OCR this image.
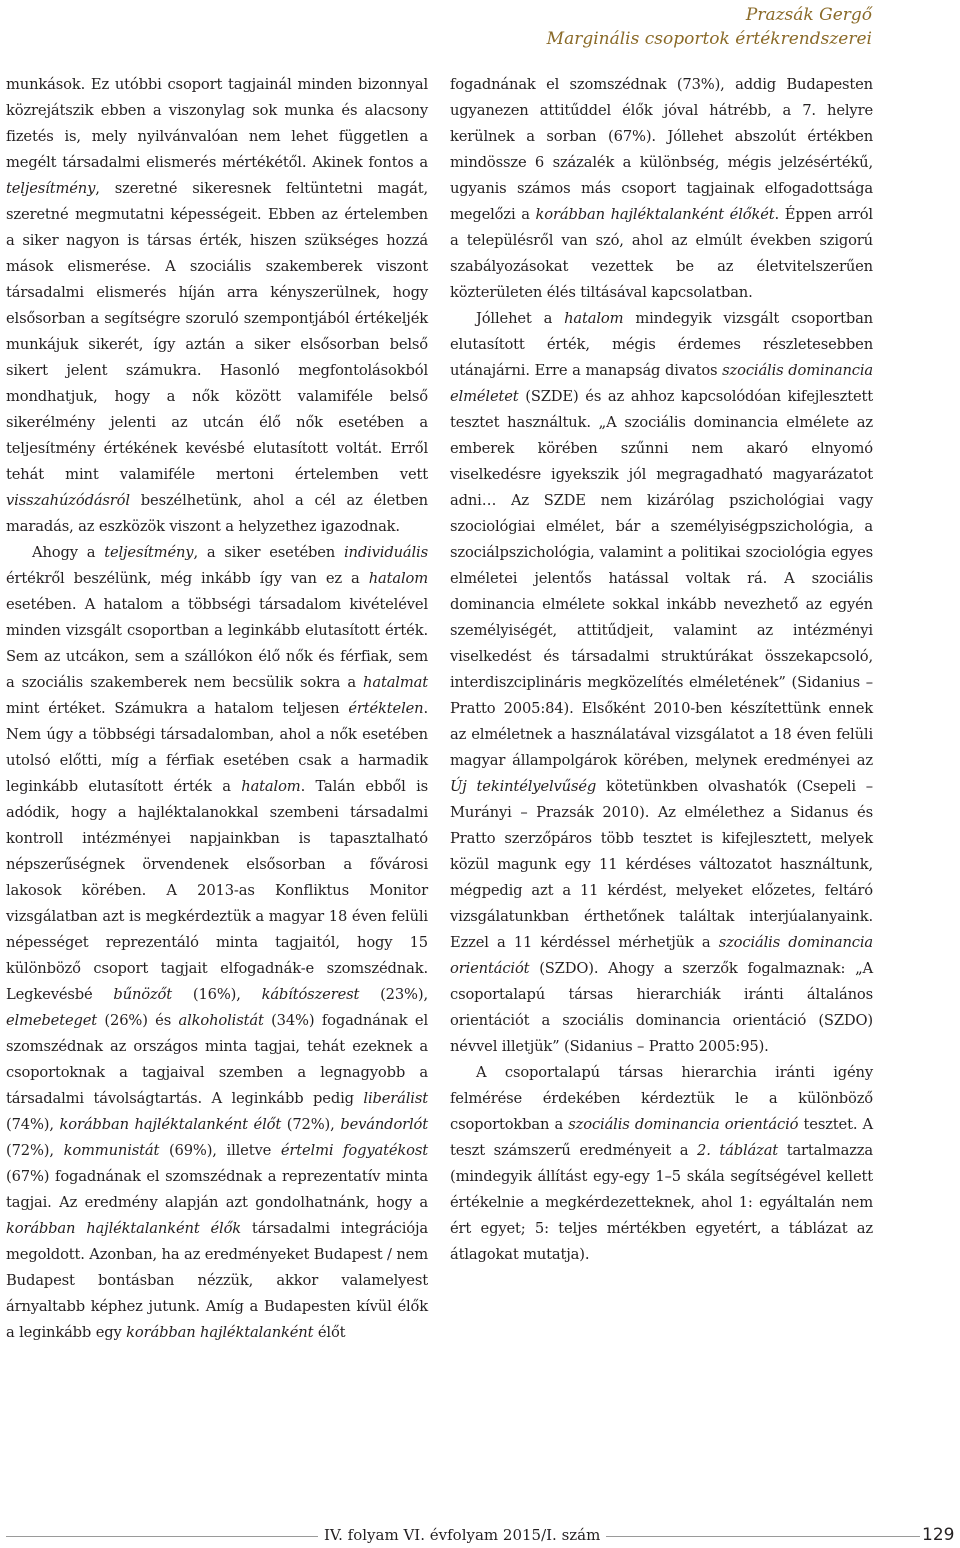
Prazsák Gergő
Marginális csoportok értékrendszerei

munkások. Ez utóbbi csoport tagjainál minden bizonnyal közrejátszik ebben a viszonylag sok munka és alacsony fizetés is, mely nyilvánvalóan nem lehet független a megélt társadalmi elismerés mértékétől. Akinek fontos a teljesítmény, szeretné sikeresnek feltüntetni magát, szeretné megmutatni képességeit. Ebben az értelemben a siker nagyon is társas érték, hiszen szükséges hozzá mások elismerése. A szociális szakemberek viszont társadalmi elismerés híján arra kényszerülnek, hogy elsősorban a segítségre szoruló szempontjából értékeljék munkájuk sikerét, így aztán a siker elsősorban belső sikert jelent számukra. Hasonló megfontolásokból mondhatjuk, hogy a nők között valamiféle belső sikerélmény jelenti az utcán élő nők esetében a teljesítmény értékének kevésbé elutasított voltát. Erről tehát mint valamiféle mertoni értelemben vett visszahúzódásról beszélhetünk, ahol a cél az életben maradás, az eszközök viszont a helyzethez igazodnak.

Ahogy a teljesítmény, a siker esetében individuális értékről beszélünk, még inkább így van ez a hatalom esetében. A hatalom a többségi társadalom kivételével minden vizsgált csoportban a leginkább elutasított érték. Sem az utcákon, sem a szállókon élő nők és férfiak, sem a szociális szakemberek nem becsülik sokra a hatalmat mint értéket. Számukra a hatalom teljesen értéktelen. Nem úgy a többségi társadalomban, ahol a nők esetében utolsó előtti, míg a férfiak esetében csak a harmadik leginkább elutasított érték a hatalom. Talán ebből is adódik, hogy a hajléktalanokkal szembeni társadalmi kontroll intézményei napjainkban is tapasztalható népszerűségnek örvendenek elsősorban a fővárosi lakosok körében. A 2013-as Konfliktus Monitor vizsgálatban azt is megkérdeztük a magyar 18 éven felüli népességet reprezentáló minta tagjaitól, hogy 15 különböző csoport tagjait elfogadnák-e szomszédnak. Legkevésbé bűnözőt (16%), kábítószerest (23%), elmebeteget (26%) és alkoholistát (34%) fogadnának el szomszédnak az országos minta tagjai, tehát ezeknek a csoportoknak a tagjaival szemben a legnagyobb a társadalmi távolságtartás. A leginkább pedig liberálist (74%), korábban hajléktalanként élőt (72%), bevándorlót (72%), kommunistát (69%), illetve értelmi fogyatékost (67%) fogadnának el szomszédnak a reprezentatív minta tagjai. Az eredmény alapján azt gondolhatnánk, hogy a korábban hajléktalanként élők társadalmi integrációja megoldott. Azonban, ha az eredményeket Budapest / nem Budapest bontásban nézzük, akkor valamelyest árnyaltabb képhez jutunk. Amíg a Budapesten kívül élők a leginkább egy korábban hajléktalanként élőt

fogadnának el szomszédnak (73%), addig Budapesten ugyanezen attitűddel élők jóval hátrébb, a 7. helyre kerülnek a sorban (67%). Jóllehet abszolút értékben mindössze 6 százalék a különbség, mégis jelzésértékű, ugyanis számos más csoport tagjainak elfogadottsága megelőzi a korábban hajléktalanként élőkét. Éppen arról a településről van szó, ahol az elmúlt években szigorú szabályozásokat vezettek be az életvitelszerűen közterületen élés tiltásával kapcsolatban.

Jóllehet a hatalom mindegyik vizsgált csoportban elutasított érték, mégis érdemes részletesebben utánajárni. Erre a manapság divatos szociális dominancia elméletet (SZDE) és az ahhoz kapcsolódóan kifejlesztett tesztet használtuk. „A szociális dominancia elmélete az emberek körében szűnni nem akaró elnyomó viselkedésre igyekszik jól megragadható magyarázatot adni… Az SZDE nem kizárólag pszichológiai vagy szociológiai elmélet, bár a személyiségpszichológia, a szociálpszichológia, valamint a politikai szociológia egyes elméletei jelentős hatással voltak rá. A szociális dominancia elmélete sokkal inkább nevezhető az egyén személyiségét, attitűdjeit, valamint az intézményi viselkedést és társadalmi struktúrákat összekapcsoló, interdiszciplináris megközelítés elméletének” (Sidanius – Pratto 2005:84). Elsőként 2010-ben készítettünk ennek az elméletnek a használatával vizsgálatot a 18 éven felüli magyar állampolgárok körében, melynek eredményei az Új tekintélyelvűség kötetünkben olvashatók (Csepeli – Murányi – Prazsák 2010). Az elmélethez a Sidanus és Pratto szerzőpáros több tesztet is kifejlesztett, melyek közül magunk egy 11 kérdéses változatot használtunk, mégpedig azt a 11 kérdést, melyeket előzetes, feltáró vizsgálatunkban érthetőnek találtak interjúalanyaink. Ezzel a 11 kérdéssel mérhetjük a szociális dominancia orientációt (SZDO). Ahogy a szerzők fogalmaznak: „A csoportalapú társas hierarchiák iránti általános orientációt a szociális dominancia orientáció (SZDO) névvel illetjük” (Sidanius – Pratto 2005:95).

A csoportalapú társas hierarchia iránti igény felmérése érdekében kérdeztük le a különböző csoportokban a szociális dominancia orientáció tesztet. A teszt számszerű eredményeit a 2. táblázat tartalmazza (mindegyik állítást egy-egy 1–5 skála segítségével kellett értékelnie a megkérdezetteknek, ahol 1: egyáltalán nem ért egyet; 5: teljes mértékben egyetért, a táblázat az átlagokat mutatja).

IV. folyam VI. évfolyam 2015/I. szám	129
